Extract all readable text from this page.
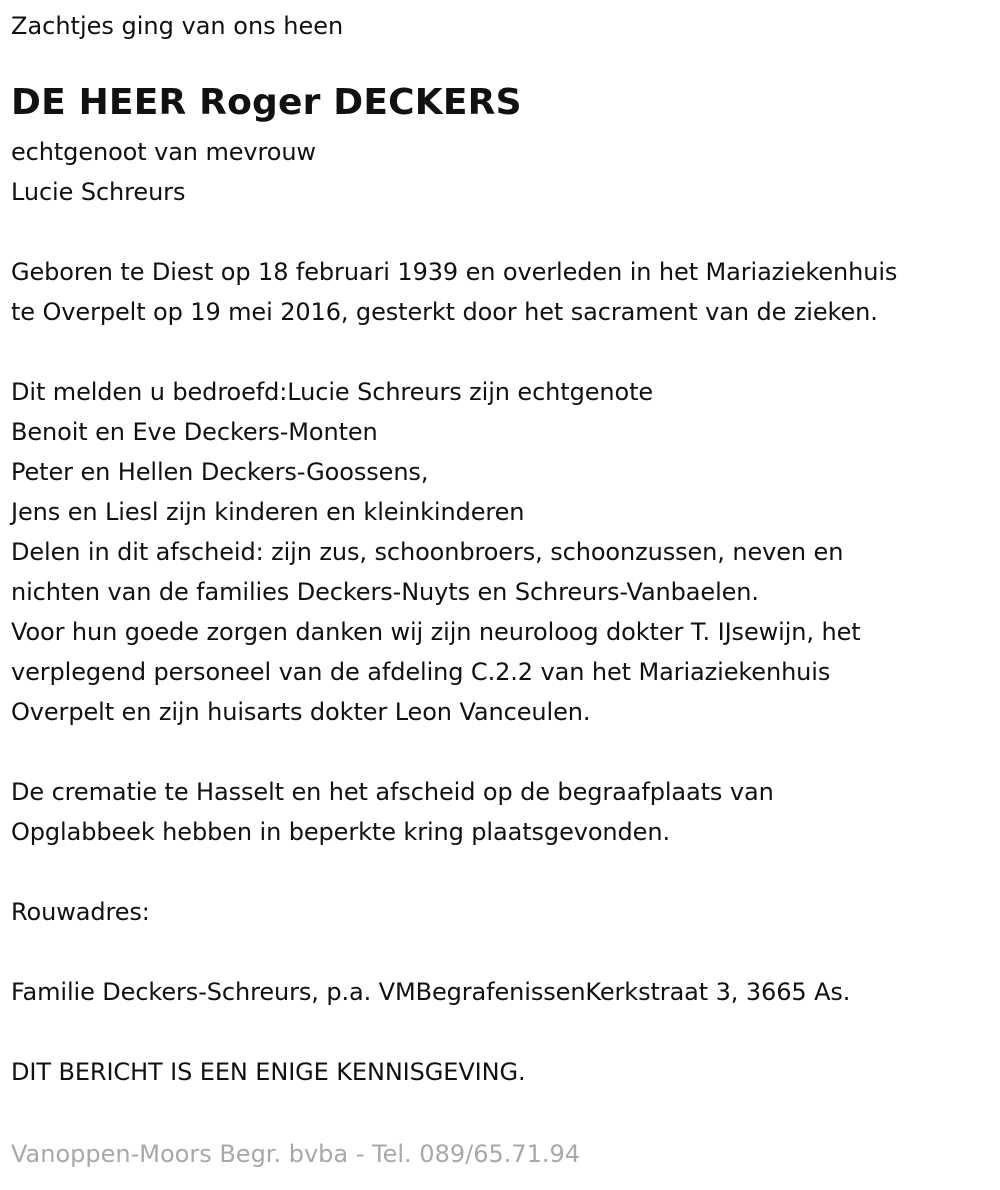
Zachtjes ging van ons heen
DE HEER Roger DECKERS
echtgenoot van mevrouw
Lucie Schreurs
Geboren te Diest op 18 februari 1939 en overleden in het Mariaziekenhuis
te Overpelt op 19 mei 2016, gesterkt door het sacrament van de zieken.
Dit melden u bedroefd:Lucie Schreurs zijn echtgenote
Benoit en Eve Deckers-Monten
Peter en Hellen Deckers-Goossens,
Jens en Liesl zijn kinderen en kleinkinderen
Delen in dit afscheid: zijn zus, schoonbroers, schoonzussen, neven en
nichten van de families Deckers-Nuyts en Schreurs-Vanbaelen.
Voor hun goede zorgen danken wij zijn neuroloog dokter T. IJsewijn, het
verplegend personeel van de afdeling C.2.2 van het Mariaziekenhuis
Overpelt en zijn huisarts dokter Leon Vanceulen.
De crematie te Hasselt en het afscheid op de begraafplaats van
Opglabbeek hebben in beperkte kring plaatsgevonden.
Rouwadres:
Familie Deckers-Schreurs, p.a. VMBegrafenissenKerkstraat 3, 3665 As.
DIT BERICHT IS EEN ENIGE KENNISGEVING.
Vanoppen-Moors Begr. bvba - Tel. 089/65.71.94
